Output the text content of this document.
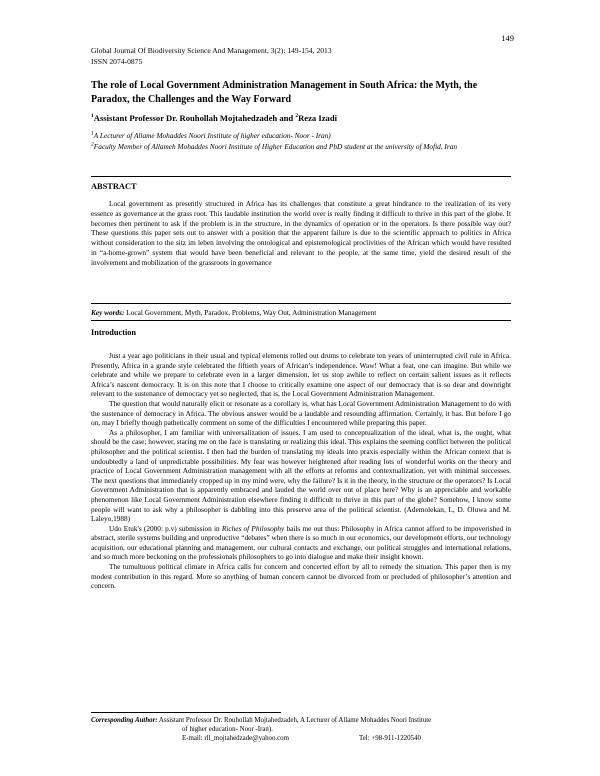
149
Global Journal Of Biodiversity Science And Management, 3(2): 149-154, 2013
ISSN 2074-0875
The role of Local Government Administration Management in South Africa: the Myth, the Paradox, the Challenges and the Way Forward
$^1$Assistant Professor Dr. Rouhollah Mojtahedzadeh and $^2$Reza Izadi
$^1$A Lecturer of Allame Mohaddes Noori Institute of higher education- Noor - Iran)
$^2$Faculty Member of Allameh Mohaddes Noori Institute of Higher Education and PhD student at the university of Mofid, Iran
ABSTRACT
Local government as presently structured in Africa has its challenges that constitute a great hindrance to the realization of its very essence as governance at the grass root. This laudable institution the world over is really finding it difficult to thrive in this part of the globe. It becomes then pertinent to ask if the problem is in the structure, in the dynamics of operation or in the operators. Is there possible way out? These questions this paper sets out to answer with a position that the apparent failure is due to the scientific approach to politics in Africa without consideration to the sitz im leben involving the ontological and epistemological proclivities of the African which would have resulted in “a-home-grown” system that would have been beneficial and relevant to the people, at the same time, yield the desired result of the involvement and mobilization of the grassroots in governance
Key words: Local Government, Myth, Paradox, Problems, Way Out, Administration Management
Introduction

Just a year ago politicians in their usual and typical elements rolled out drums to celebrate ten years of uninterrupted civil rule in Africa. Presently, Africa in a grande style celebrated the fiftieth years of African’s independence. Waw! What a feat, one can imagine. But while we celebrate and while we prepare to celebrate even in a larger dimension, let us stop awhile to reflect on certain salient issues as it reflects Africa’s nascent democracy. It is on this note that I choose to critically examine one aspect of our democracy that is so dear and downright relevant to the sustenance of democracy yet so neglected, that is, the Local Government Administration Management.

The question that would naturally elicit or resonate as a corollary is, what has Local Government Administration Management to do with the sustenance of democracy in Africa. The obvious answer would be a laudable and resounding affirmation. Certainly, it has. But before I go on, may I briefly though pathetically comment on some of the difficulties I encountered while preparing this paper.

As a philosopher, I am familiar with universalization of issues. I am used to conceptualization of the ideal, what is, the ought, what should be the case; however, staring me on the face is translating or realizing this ideal. This explains the seeming conflict between the political philosopher and the political scientist. I then had the burden of translating my ideals into praxis especially within the African context that is undoubtedly a land of unpredictable possibilities. My fear was however heightened after reading lots of wonderful works on the theory and practice of Local Government Administration management with all the efforts at reforms and contextualization, yet with minimal successes. The next questions that immediately cropped up in my mind were, why the failure? Is it in the theory, in the structure or the operators? Is Local Government Administration that is apparently embraced and lauded the world over out of place here? Why is an appreciable and workable phenomenon like Local Government Administration elsewhere finding it difficult to thrive in this part of the globe? Somehow, I know some people will want to ask why a philosopher is dabbling into this preserve area of the political scientist. (Ademolekan, L, D. Oluwa and M. Laleyo,1988)

Udo Etuk's (2000: p.v) submission in Riches of Philosophy bails me out thus: Philosophy in Africa cannot afford to be impoverished in abstract, sterile systems building and unproductive “debates” when there is so much in our economics, our development efforts, our technology acquisition, our educational planning and management, our cultural contacts and exchange, our political struggles and international relations, and so much more beckoning on the professionals philosophers to go into dialogue and make their insight known.

The tumultuous political climate in Africa calls for concern and concerted effort by all to remedy the situation. This paper then is my modest contribution in this regard. More so anything of human concern cannot be divorced from or precluded of philosopher’s attention and concern.

Corresponding Author: Assistant Professor Dr. Rouhollah Mojtahedzadeh, A Lecturer of Allame Mohaddes Noori Institute
of higher education- Noor -Iran).
E-mail: rll_mojtahedzade@yahoo.com	Tel: +98-911-1220540
